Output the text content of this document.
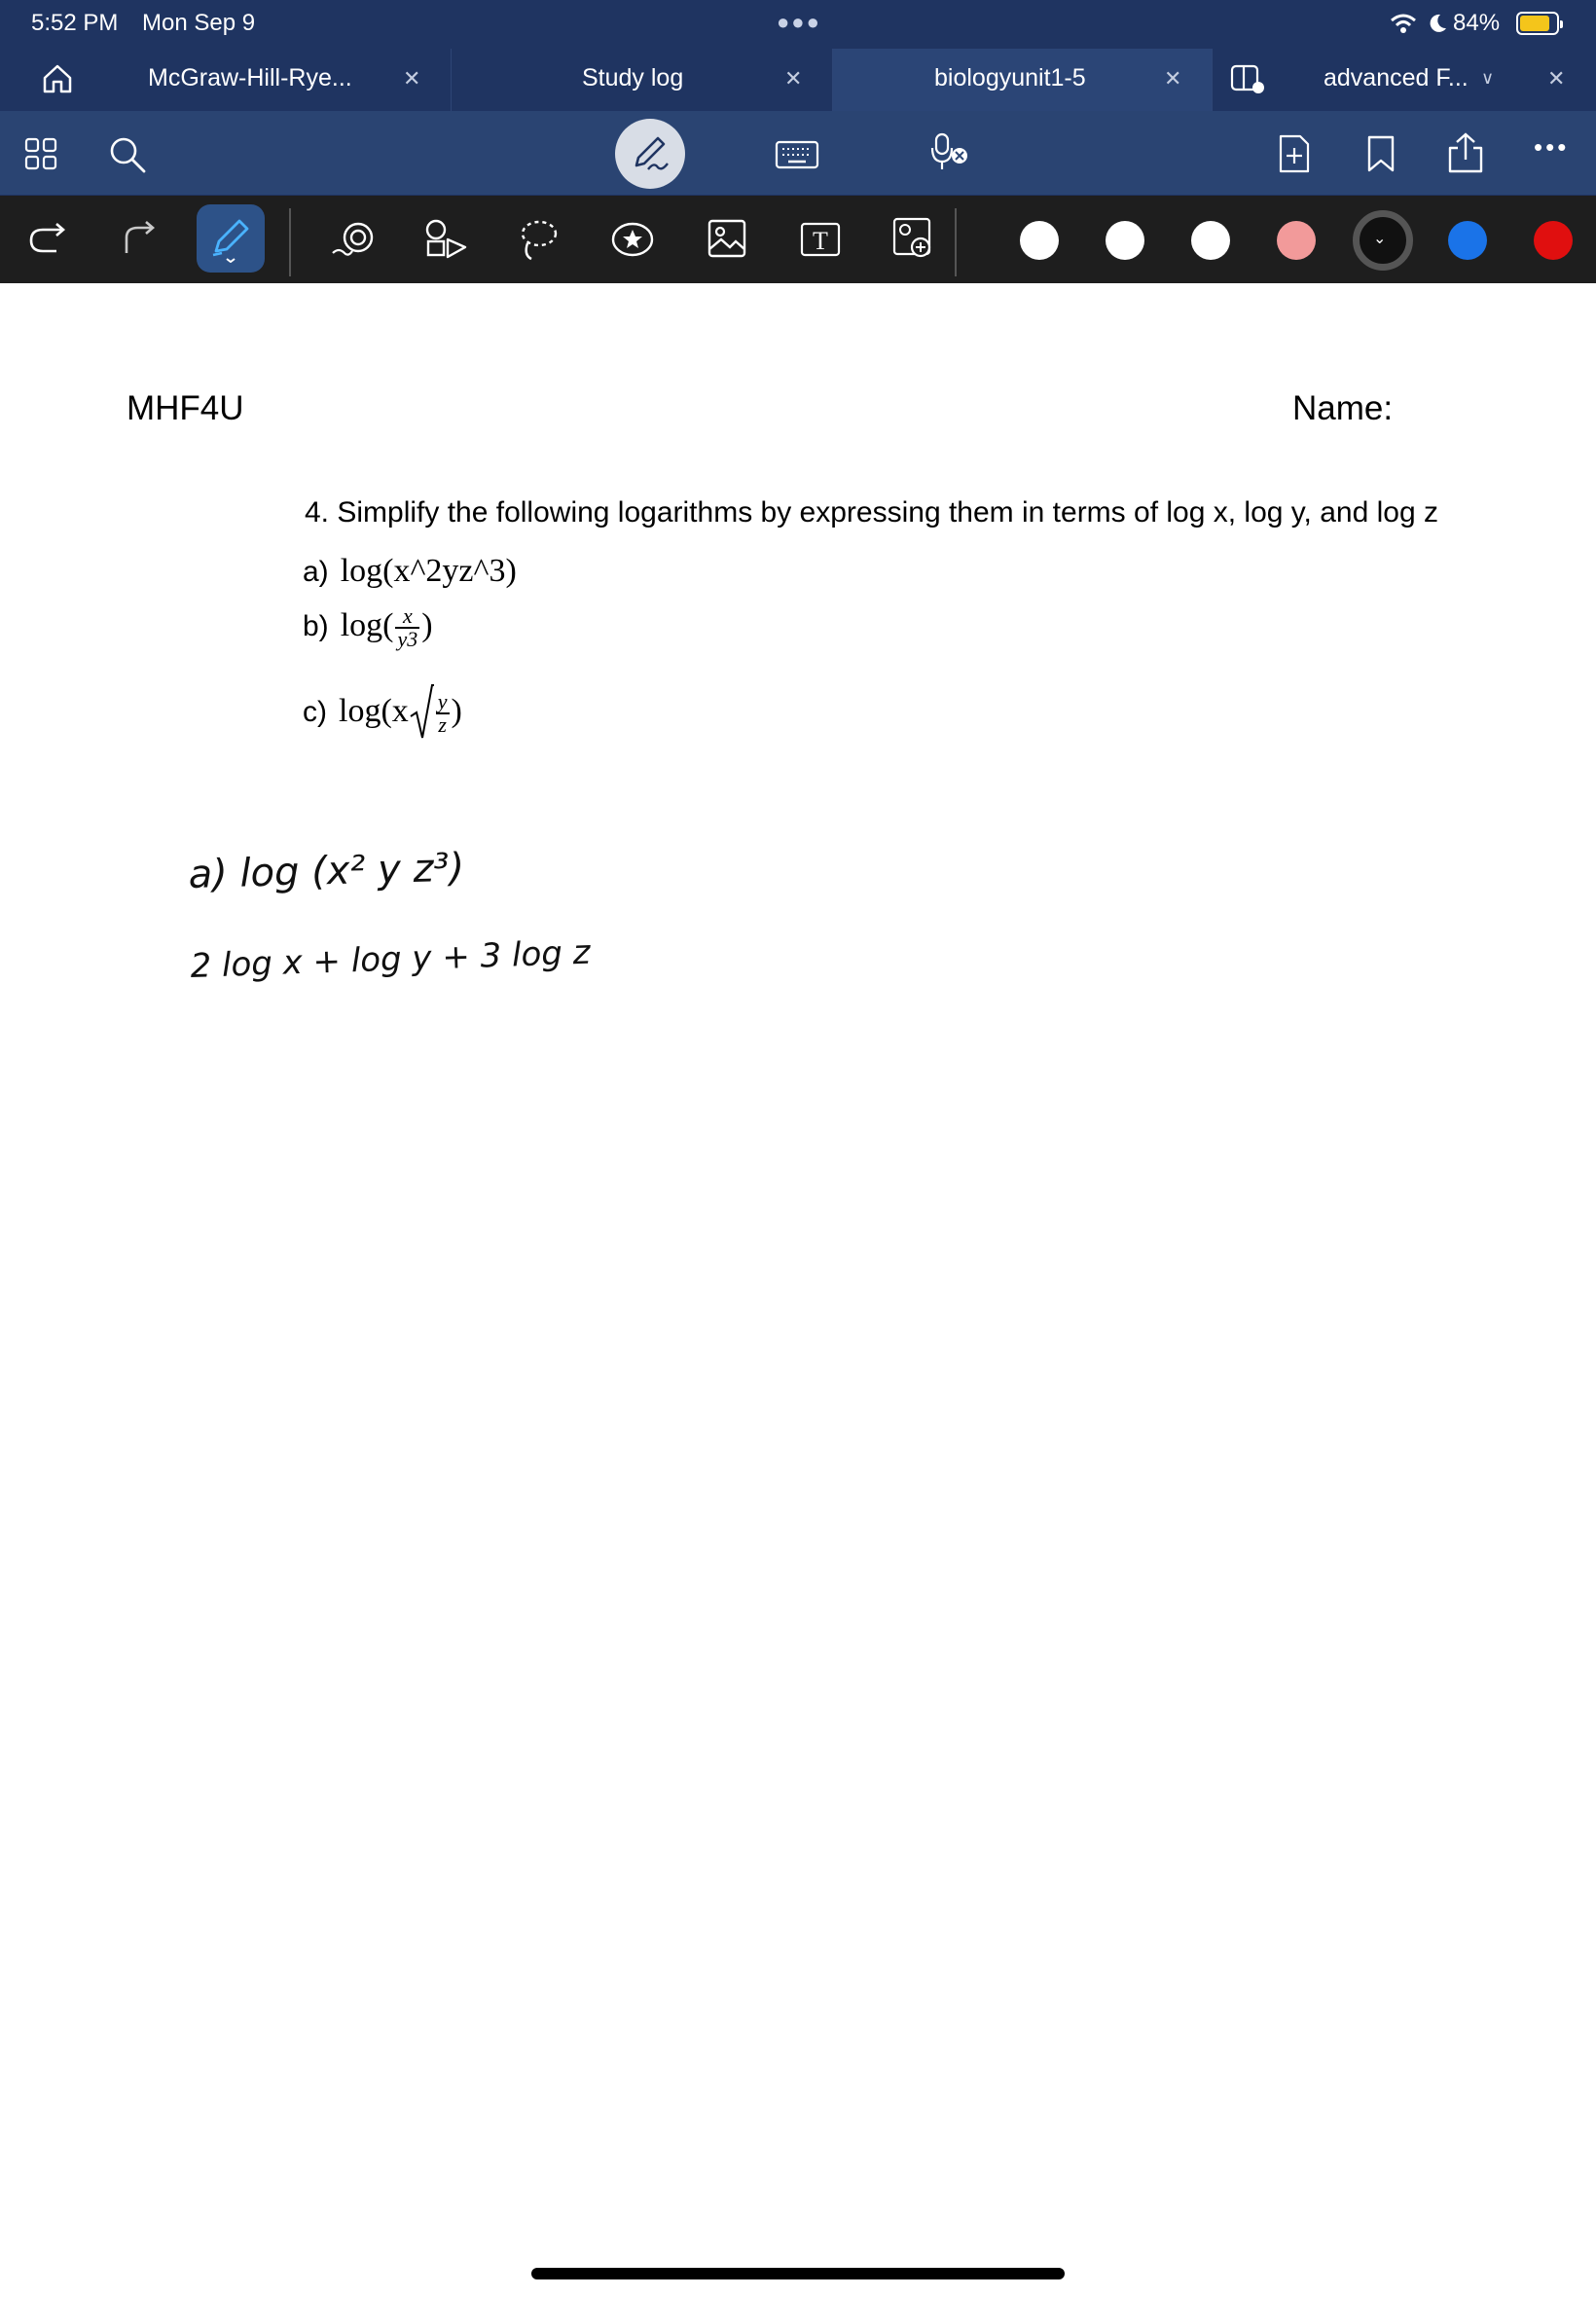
5:52 PM Mon Sep 9	●●●	84%
McGraw-Hill-Rye... ✕	Study log	✕	biologyunit1-5	✕	advanced F... ∨ ✕
•••
T	⌄
MHF4U	Name:
4. Simplify the following logarithms by expressing them in terms of log x, log y, and log z
a) log(x^2yz^3)
b) $\log( \frac{x}{y3}$ )
c) $\log(x \frac{y}{z}$ )
a) log (x² y z³)
2 log x + log y + 3 log z
